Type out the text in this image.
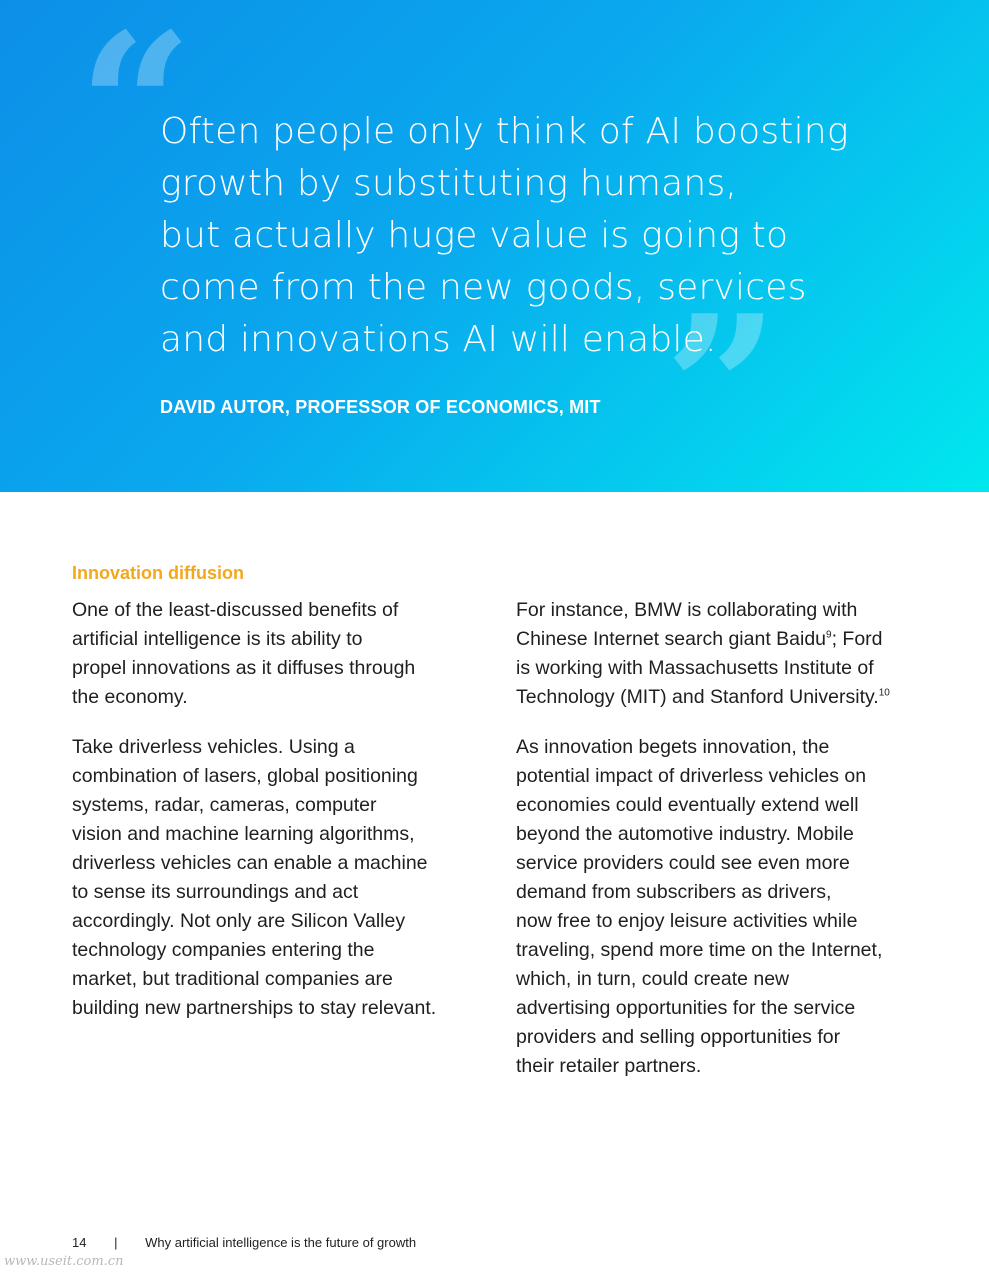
“
”
Often people only think of AI boosting
growth by substituting humans,
but actually huge value is going to
come from the new goods, services
and innovations AI will enable.

DAVID AUTOR, PROFESSOR OF ECONOMICS, MIT

Innovation diffusion

One of the least-discussed benefits of
artificial intelligence is its ability to
propel innovations as it diffuses through
the economy.

Take driverless vehicles. Using a
combination of lasers, global positioning
systems, radar, cameras, computer
vision and machine learning algorithms,
driverless vehicles can enable a machine
to sense its surroundings and act
accordingly. Not only are Silicon Valley
technology companies entering the
market, but traditional companies are
building new partnerships to stay relevant.

For instance, BMW is collaborating with
Chinese Internet search giant Baidu$^9$; Ford
is working with Massachusetts Institute of
Technology (MIT) and Stanford University.$^{10}$

As innovation begets innovation, the
potential impact of driverless vehicles on
economies could eventually extend well
beyond the automotive industry. Mobile
service providers could see even more
demand from subscribers as drivers,
now free to enjoy leisure activities while
traveling, spend more time on the Internet,
which, in turn, could create new
advertising opportunities for the service
providers and selling opportunities for
their retailer partners.

14 | Why artificial intelligence is the future of growth
www.useit.com.cn
